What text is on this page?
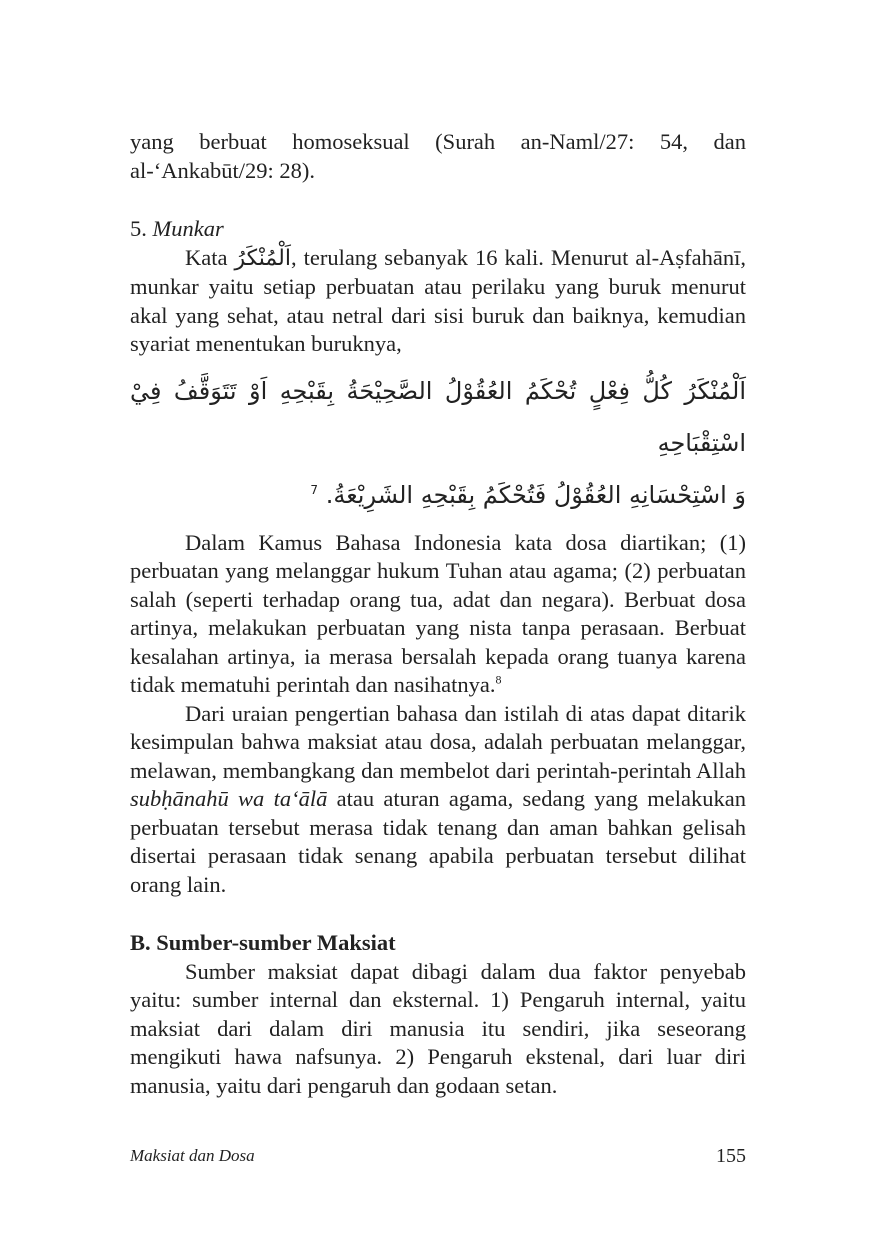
yang berbuat homoseksual (Surah an-Naml/27: 54, dan al-‘Ankabūt/29: 28).

5. Munkar

Kata اَلْمُنْكَرُ, terulang sebanyak 16 kali. Menurut al-Aṣfahānī, munkar yaitu setiap perbuatan atau perilaku yang buruk menurut akal yang sehat, atau netral dari sisi buruk dan baiknya, kemudian syariat menentukan buruknya,

اَلْمُنْكَرُ كُلُّ فِعْلٍ تُحْكَمُ العُقُوْلُ الصَّحِيْحَةُ بِقَبْحِهِ اَوْ تَتَوَقَّفُ فِيْ اسْتِقْبَاحِهِ
وَ اسْتِحْسَانِهِ العُقُوْلُ فَتُحْكَمُ بِقَبْحِهِ الشَرِيْعَةُ. $^7$

Dalam Kamus Bahasa Indonesia kata dosa diartikan; (1) perbuatan yang melanggar hukum Tuhan atau agama; (2) perbuatan salah (seperti terhadap orang tua, adat dan negara). Berbuat dosa artinya, melakukan perbuatan yang nista tanpa perasaan. Berbuat kesalahan artinya, ia merasa bersalah kepada orang tuanya karena tidak mematuhi perintah dan nasihatnya.$^8$

Dari uraian pengertian bahasa dan istilah di atas dapat ditarik kesimpulan bahwa maksiat atau dosa, adalah perbuatan melanggar, melawan, membangkang dan membelot dari perintah-perintah Allah subḥānahū wa ta‘ālā atau aturan agama, sedang yang melakukan perbuatan tersebut merasa tidak tenang dan aman bahkan gelisah disertai perasaan tidak senang apabila perbuatan tersebut dilihat orang lain.

B. Sumber-sumber Maksiat

Sumber maksiat dapat dibagi dalam dua faktor penyebab yaitu: sumber internal dan eksternal. 1) Pengaruh internal, yaitu maksiat dari dalam diri manusia itu sendiri, jika seseorang mengikuti hawa nafsunya. 2) Pengaruh ekstenal, dari luar diri manusia, yaitu dari pengaruh dan godaan setan.

Maksiat dan Dosa	155
